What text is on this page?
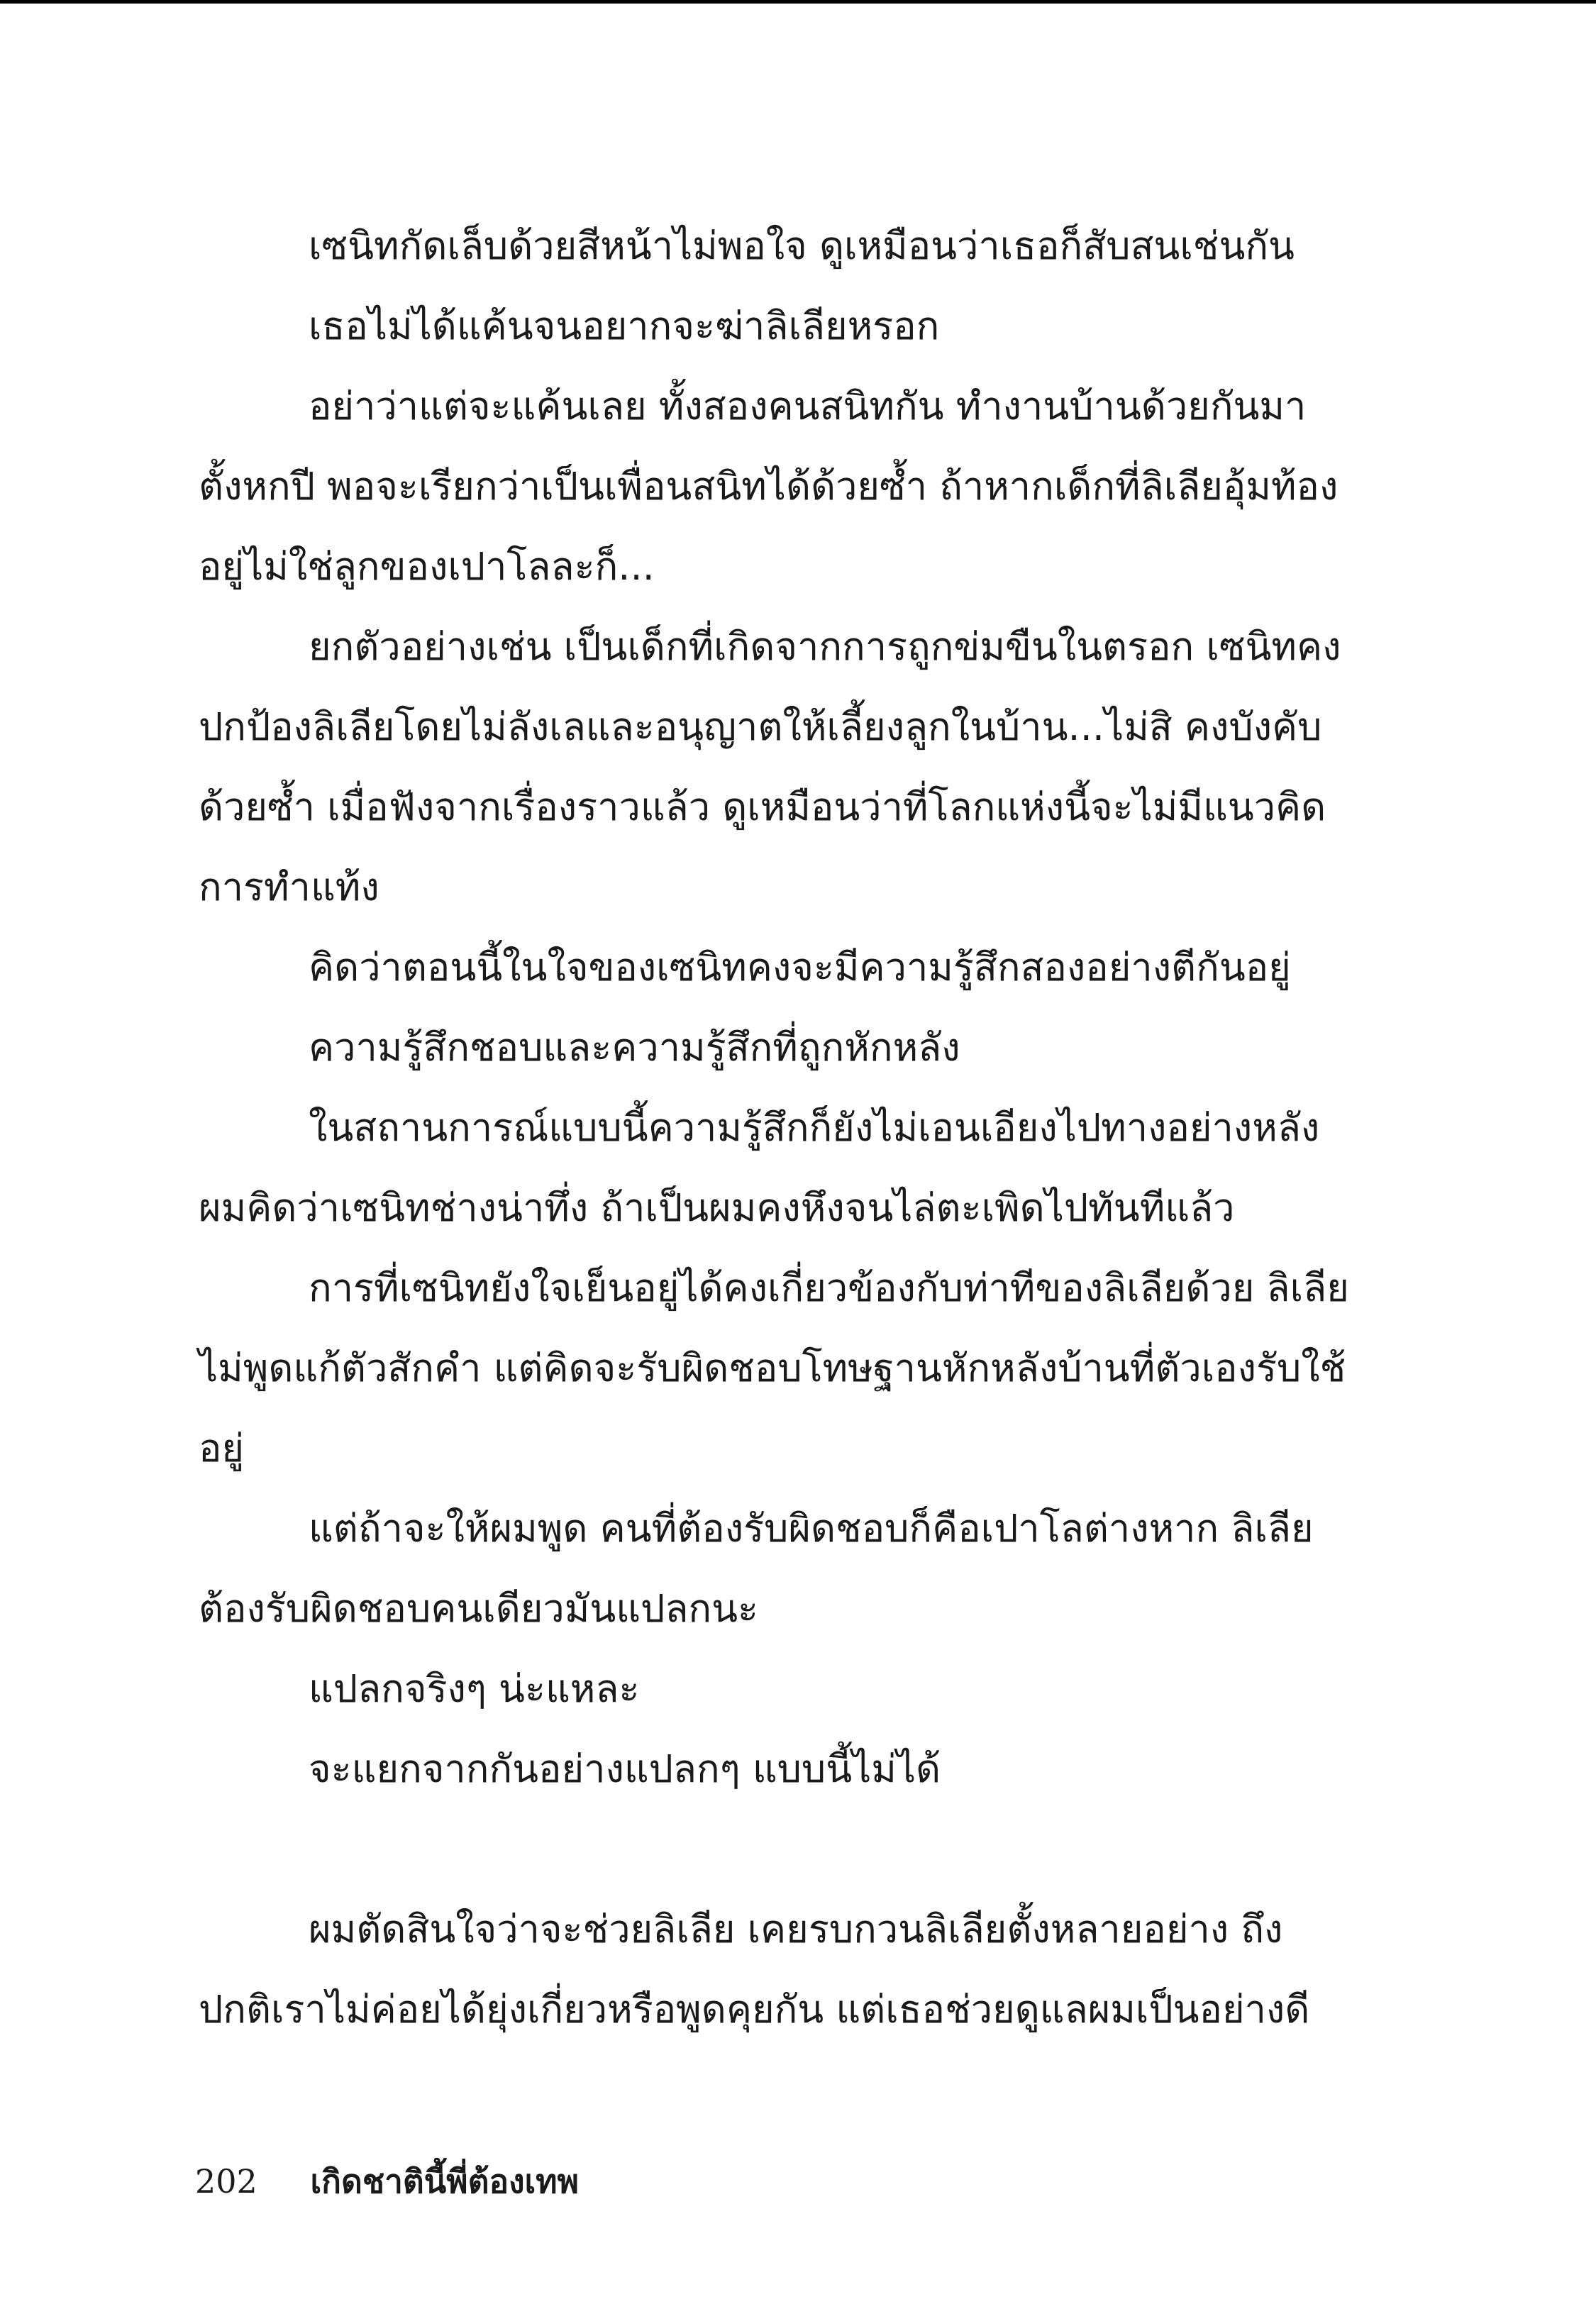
เซนิทกัดเล็บด้วยสีหน้าไม่พอใจ ดูเหมือนว่าเธอก็สับสนเช่นกัน
เธอไม่ได้แค้นจนอยากจะฆ่าลิเลียหรอก
อย่าว่าแต่จะแค้นเลย ทั้งสองคนสนิทกัน ทำงานบ้านด้วยกันมา
ตั้งหกปี พอจะเรียกว่าเป็นเพื่อนสนิทได้ด้วยซ้ำ ถ้าหากเด็กที่ลิเลียอุ้มท้อง
อยู่ไม่ใช่ลูกของเปาโลละก็...
ยกตัวอย่างเช่น เป็นเด็กที่เกิดจากการถูกข่มขืนในตรอก เซนิทคง
ปกป้องลิเลียโดยไม่ลังเลและอนุญาตให้เลี้ยงลูกในบ้าน...ไม่สิ คงบังคับ
ด้วยซ้ำ เมื่อฟังจากเรื่องราวแล้ว ดูเหมือนว่าที่โลกแห่งนี้จะไม่มีแนวคิด
การทำแท้ง
คิดว่าตอนนี้ในใจของเซนิทคงจะมีความรู้สึกสองอย่างตีกันอยู่
ความรู้สึกชอบและความรู้สึกที่ถูกหักหลัง
ในสถานการณ์แบบนี้ความรู้สึกก็ยังไม่เอนเอียงไปทางอย่างหลัง
ผมคิดว่าเซนิทช่างน่าทึ่ง ถ้าเป็นผมคงหึงจนไล่ตะเพิดไปทันทีแล้ว
การที่เซนิทยังใจเย็นอยู่ได้คงเกี่ยวข้องกับท่าทีของลิเลียด้วย ลิเลีย
ไม่พูดแก้ตัวสักคำ แต่คิดจะรับผิดชอบโทษฐานหักหลังบ้านที่ตัวเองรับใช้
อยู่
แต่ถ้าจะให้ผมพูด คนที่ต้องรับผิดชอบก็คือเปาโลต่างหาก ลิเลีย
ต้องรับผิดชอบคนเดียวมันแปลกนะ
แปลกจริงๆ น่ะแหละ
จะแยกจากกันอย่างแปลกๆ แบบนี้ไม่ได้
ผมตัดสินใจว่าจะช่วยลิเลีย เคยรบกวนลิเลียตั้งหลายอย่าง ถึง
ปกติเราไม่ค่อยได้ยุ่งเกี่ยวหรือพูดคุยกัน แต่เธอช่วยดูแลผมเป็นอย่างดี
202 เกิดชาตินี้พี่ต้องเทพ
